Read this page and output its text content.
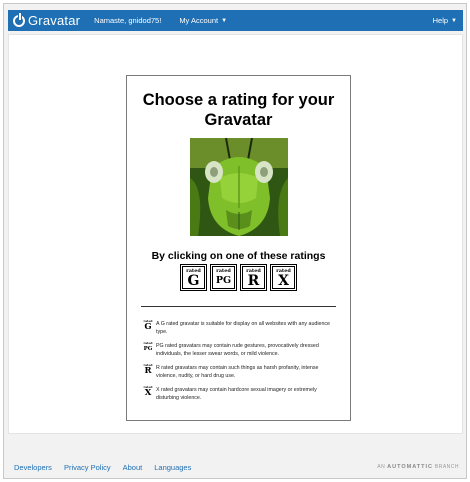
Gravatar Namaste, gnidod75! My Account ▼	Help ▼
Choose a rating for your Gravatar
By clicking on one of these ratings
rated
G
rated
PG
rated
R
rated
X
rated
G A G rated gravatar is suitable for display on all websites with any audience type.
rated
PG PG rated gravatars may contain rude gestures, provocatively dressed individuals, the lesser swear words, or mild violence.
rated
R R rated gravatars may contain such things as harsh profanity, intense violence, nudity, or hard drug use.
rated
X X rated gravatars may contain hardcore sexual imagery or extremely disturbing violence.
Developers Privacy Policy About Languages	AN AUTOMATTIC BRANCH
